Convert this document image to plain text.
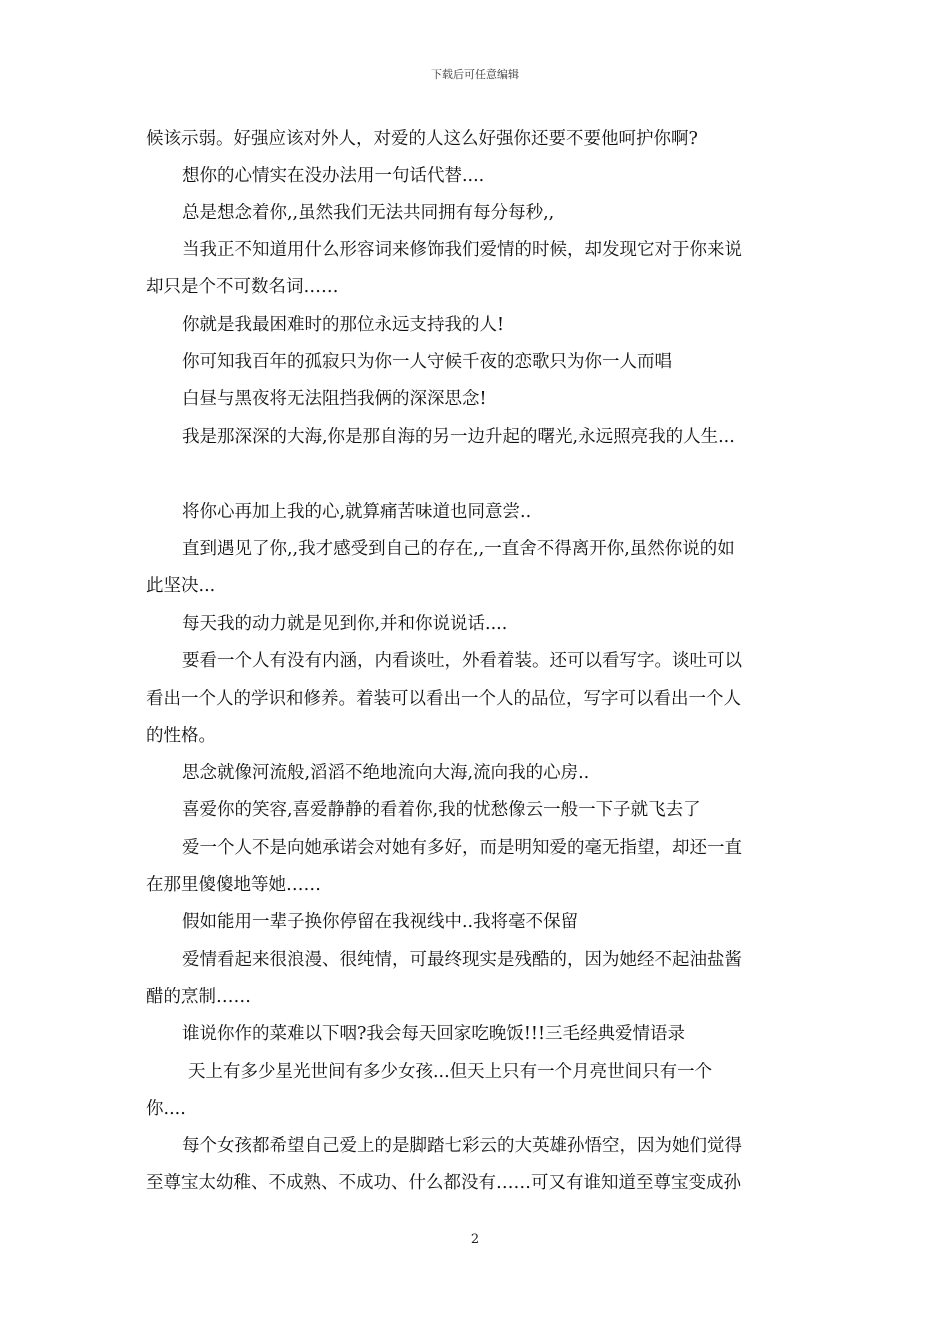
下载后可任意编辑
候该示弱。好强应该对外人，对爱的人这么好强你还要不要他呵护你啊?
想你的心情实在没办法用一句话代替....
总是想念着你,,虽然我们无法共同拥有每分每秒,,
当我正不知道用什么形容词来修饰我们爱情的时候，却发现它对于你来说
却只是个不可数名词……
你就是我最困难时的那位永远支持我的人!
你可知我百年的孤寂只为你一人守候千夜的恋歌只为你一人而唱
白昼与黑夜将无法阻挡我俩的深深思念!
我是那深深的大海,你是那自海的另一边升起的曙光,永远照亮我的人生...
将你心再加上我的心,就算痛苦味道也同意尝..
直到遇见了你,,我才感受到自己的存在,,一直舍不得离开你,虽然你说的如
此坚决...
每天我的动力就是见到你,并和你说说话....
要看一个人有没有内涵，内看谈吐，外看着装。还可以看写字。谈吐可以
看出一个人的学识和修养。着装可以看出一个人的品位，写字可以看出一个人
的性格。
思念就像河流般,滔滔不绝地流向大海,流向我的心房..
喜爱你的笑容,喜爱静静的看着你,我的忧愁像云一般一下子就飞去了
爱一个人不是向她承诺会对她有多好，而是明知爱的毫无指望，却还一直
在那里傻傻地等她……
假如能用一辈子换你停留在我视线中..我将毫不保留
爱情看起来很浪漫、很纯情，可最终现实是残酷的，因为她经不起油盐酱
醋的烹制……
谁说你作的菜难以下咽?我会每天回家吃晚饭!!!三毛经典爱情语录
天上有多少星光世间有多少女孩...但天上只有一个月亮世间只有一个
你....
每个女孩都希望自己爱上的是脚踏七彩云的大英雄孙悟空，因为她们觉得
至尊宝太幼稚、不成熟、不成功、什么都没有……可又有谁知道至尊宝变成孙
2
